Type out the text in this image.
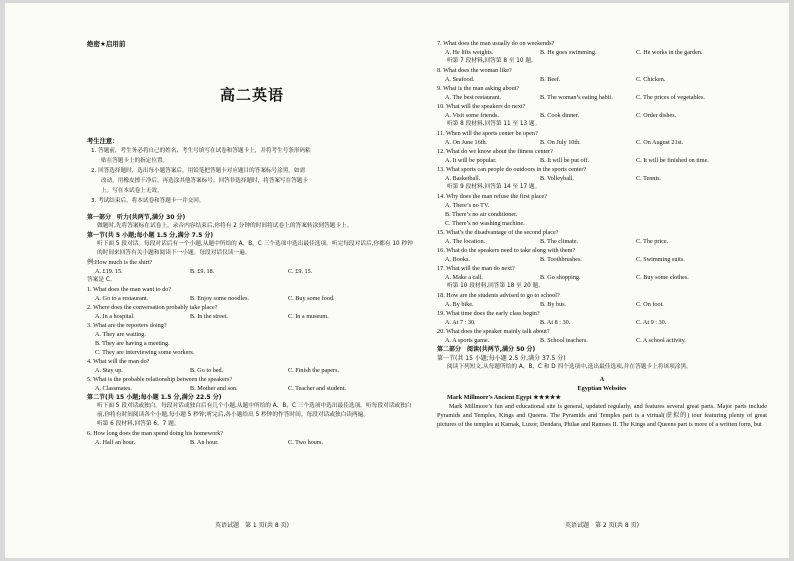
绝密★启用前
高二英语
考生注意：
1. 答题前，考生务必将自己的姓名、考生号填写在试卷和答题卡上，并将考生号条形码粘
贴在答题卡上的指定位置。
2. 回答选择题时，选出每小题答案后，用铅笔把答题卡对应题目的答案标号涂黑。如需
改动，用橡皮擦干净后，再选涂其他答案标号。回答非选择题时，将答案写在答题卡
上。写在本试卷上无效。
3. 考试结束后，将本试卷和答题卡一并交回。
第一部分　听力(共两节,满分 30 分)
做题时,先将答案标在试卷上。录音内容结束后,你将有 2 分钟的时间将试卷上的答案转涂到答题卡上。
第一节(共 5 小题;每小题 1.5 分,满分 7.5 分)
听下面 5 段对话。每段对话后有一个小题,从题中所给的 A、B、C 三个选项中选出最佳选项。听完每段对话后,你都有 10 秒钟的时间来回答有关小题和阅读下一小题。每段对话仅读一遍。
例:How much is the shirt?
A. £19. 15.	B. £9. 18.	C. £9. 15.
答案是 C。
1. What does the man want to do?
A. Go to a restaurant.	B. Enjoy some noodles.	C. Buy some food.
2. Where does the conversation probably take place?
A. In a hospital.	B. In the street.	C. In a museum.
3. What are the reporters doing?
A. They are waiting.
B. They are having a meeting.
C. They are interviewing some workers.
4. What will the man do?
A. Stay up.	B. Go to bed.	C. Finish the papers.
5. What is the probable relationship between the speakers?
A. Classmates.	B. Mother and son.	C. Teacher and student.
第二节(共 15 小题;每小题 1.5 分,满分 22.5 分)
听下面 5 段对话或独白。每段对话或独白后有几个小题,从题中所给的 A、B、C 三个选项中选出最佳选项。听每段对话或独白前,你将有时间阅读各个小题,每小题 5 秒钟;听完后,各小题给出 5 秒钟的作答时间。每段对话或独白读两遍。
听第 6 段材料,回答第 6、7 题。
6. How long does the man spend doing his homework?
A. Half an hour.	B. An hour.	C. Two hours.
英语试题　第 1 页(共 8 页)
7. What does the man usually do on weekends?
A. He lifts weights.	B. He goes swimming.	C. He works in the garden.
听第 7 段材料,回答第 8 至 10 题。
8. What does the woman like?
A. Seafood.	B. Beef.	C. Chicken.
9. What is the man asking about?
A. The best restaurant.	B. The woman’s eating habit.	C. The prices of vegetables.
10. What will the speakers do next?
A. Visit some friends.	B. Cook dinner.	C. Order dishes.
听第 8 段材料,回答第 11 至 13 题。
11. When will the sports center be open?
A. On June 16th.	B. On July 10th.	C. On August 21st.
12. What do we know about the fitness center?
A. It will be popular.	B. It will be put off.	C. It will be finished on time.
13. What sports can people do outdoors in the sports center?
A. Basketball.	B. Volleyball.	C. Tennis.
听第 9 段材料,回答第 14 至 17 题。
14. Why does the man refuse the first place?
A. There’s no TV.
B. There’s no air conditioner.
C. There’s no washing machine.
15. What’s the disadvantage of the second place?
A. The location.	B. The climate.	C. The price.
16. What do the speakers need to take along with them?
A. Books.	B. Toothbrushes.	C. Swimming suits.
17. What will the man do next?
A. Make a call.	B. Go shopping.	C. Buy some clothes.
听第 10 段材料,回答第 18 至 20 题。
18. How are the students advised to go to school?
A. By bike.	B. By bus.	C. On foot.
19. What time does the early class begin?
A. At 7 : 30.	B. At 8 : 30.	C. At 9 : 30.
20. What does the speaker mainly talk about?
A. A sports game.	B. School teachers.	C. A school activity.
第二部分　阅读(共两节,满分 50 分)
第一节(共 15 小题;每小题 2.5 分,满分 37.5 分)
阅读下列短文,从每题所给的 A、B、C 和 D 四个选项中,选出最佳选项,并在答题卡上将该项涂黑。
A
Egyptian Websites
Mark Millmore’s Ancient Egypt ★★★★★
Mark Millmore’s fun and educational site is general, updated regularly, and features several great parts. Major parts include Pyramids and Temples, Kings and Queens. The Pyramids and Temples part is a virtual(虚拟的) tour featuring plenty of great pictures of the temples at Karnak, Luxor, Dendara, Philae and Ramses II. The Kings and Queens part is more of a written form, but
英语试题　第 2 页(共 8 页)
